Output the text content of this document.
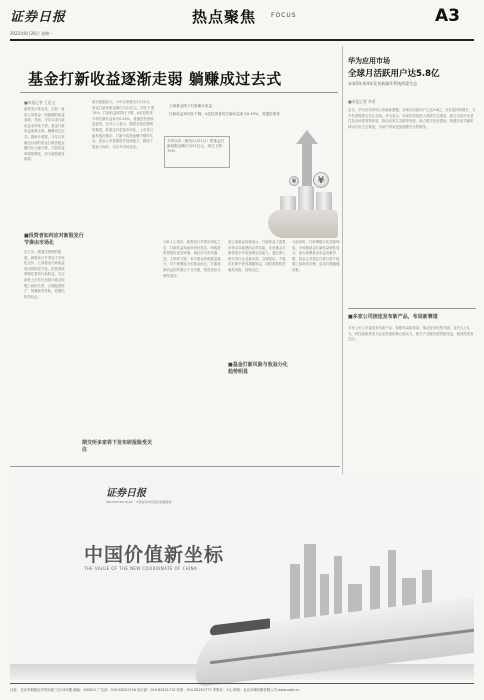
证券日报
2022年8月26日 星期一
热点聚焦 FOCUS	A3
基金打新收益逐渐走弱 躺赚成过去式
■本报记者 王思文
新股发行常态化，打新一直是公募基金一项稳健的收益来源，然而，今年以来打新收益率持续下滑，基金打新收益逐渐走弱，躺赚成过去式。据统计数据，今年以来截至目前的基金打新获配金额同比大幅下降，打新收益率明显降低，部分新股破发频现。
■投资者如何应对新股发行节奏由市场化
近几年，随着注册制的推进，新股发行节奏趋于市场化定价，公募基金打新收益率出现明显分化，投资者需要理性看待打新收益，关注新股上市首日表现与基金规模之间的关系，合理配置资产，规避破发风险，把握结构性机会。
统计数据显示，今年以来截至2月21日，基金打新获配金额仅为21亿元，同比下滑70%。打新收益率同比下降，A类投资者平均打新收益率为0.45%，普通投资者收益更低。业内人士表示，随着全面注册制的推进，新股定价更加市场化，上市首日破发情况增多，打新不再是稳赚不赔的买卖，基金公司需要提升投研能力，精选个股参与询价，以应对市场变化。
公募基金网下打新累计收益
打新收益率同比下降，A类投资者均打新收益率为0.45%，普通投资者
今年以来（截至2月21日）的基金打新获配金额仅为21亿元，同比下滑70%
¥
¥
分析人士指出，新股发行节奏市场化之后，打新收益率逐步回归常态，机构投资者报价更加审慎，询价环节竞争激烈，入围率下降，单只基金获配数量减少，对于规模较大的基金而言，打新增厚收益的效果已十分有限，投资者应当理性看待。
某公募基金经理表示，打新收益下滑是市场走向成熟的必然结果，未来基金打新将更多考验投研定价能力，通过深入研究发行企业基本面，合理报价，才能在打新中获得超额收益，同时需要防范破发风险，控制仓位。
■基金打新风险与收益分化趋势明显
与此同时，打新策略分化趋势明显，小规模基金打新收益弹性更大，而大规模基金收益贡献有限，基金公司需在打新与资产配置之间取得平衡，追求长期稳健回报。
华为应用市场
全球月活跃用户达5.8亿
未来5年用4年发布新操作系统鸿蒙生态
■本报记者 李勇
近日，华为应用市场公布最新数据，全球月活跃用户已达5.8亿，分发量持续增长，为开发者提供全方位支持。华为表示，未来将持续投入鸿蒙生态建设，联合全球开发者打造全场景智慧体验，推动应用生态繁荣发展，助力数字经济建设，构建开放共赢的移动应用生态系统，为用户带来更加便捷安全的服务。
■多家公司接连发布新产品，布局新赛道
多家上市公司接连发布新产品，积极布局新赛道，推动业务转型升级。业内人士认为，科技创新将成为企业发展的核心驱动力，相关产业链有望持续受益，值得投资者关注。
期交所多家将下发布研报险受关注
证券日报
SECURITIES DAILY · 中国证券市场信息披露媒体
中国价值新坐标
THE VALUE OF THE NEW COORDINATE OF CHINA
社址：北京市朝阳区安华西里三区13号楼 邮编：100011 广告部：010-83251716 发行部：010-83251713 传真：010-83251777 零售价：1元 印刷：北京京城印刷有限公司 www.zqrb.cn
